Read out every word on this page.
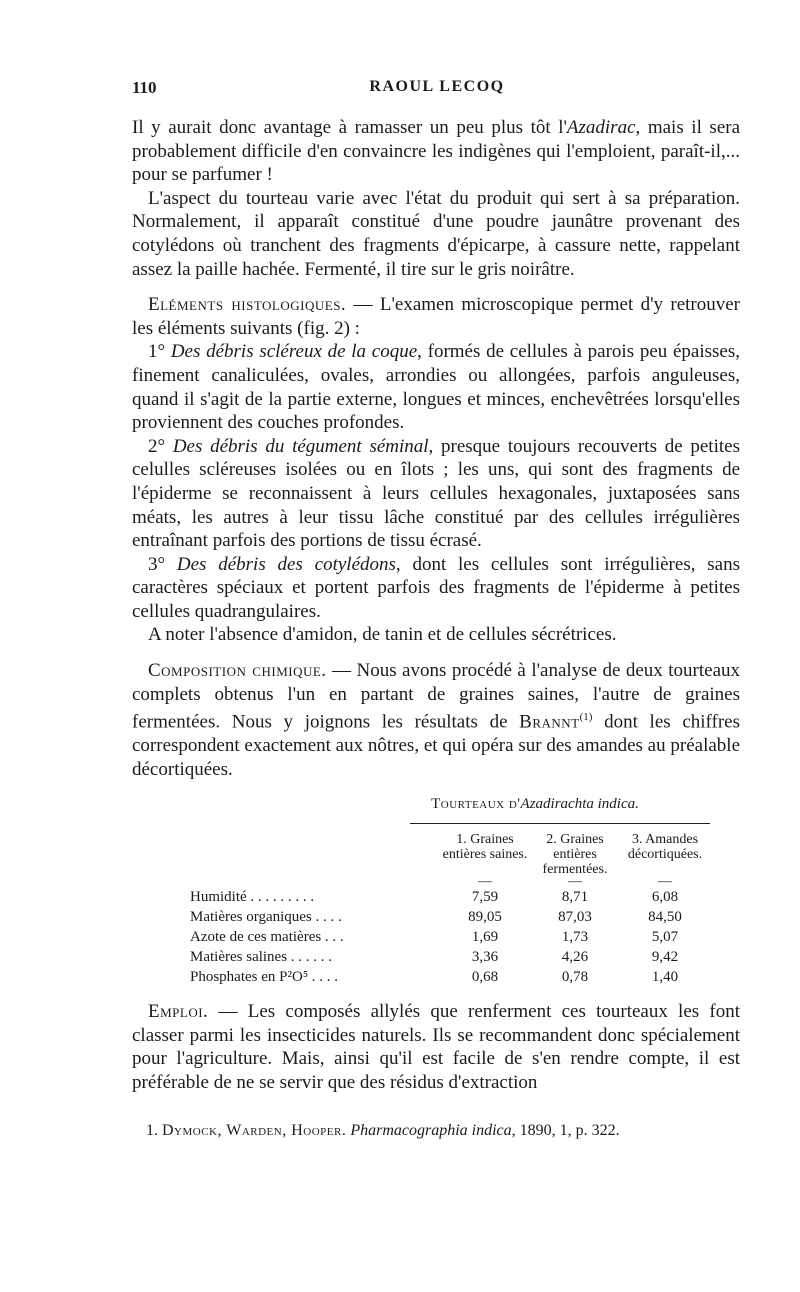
110	RAOUL LECOQ

Il y aurait donc avantage à ramasser un peu plus tôt l'Azadirac, mais il sera probablement difficile d'en convaincre les indigènes qui l'emploient, paraît-il,... pour se parfumer !

L'aspect du tourteau varie avec l'état du produit qui sert à sa préparation. Normalement, il apparaît constitué d'une poudre jaunâtre provenant des cotylédons où tranchent des fragments d'épicarpe, à cassure nette, rappelant assez la paille hachée. Fermenté, il tire sur le gris noirâtre.

Eléments histologiques. — L'examen microscopique permet d'y retrouver les éléments suivants (fig. 2) :

1° Des débris scléreux de la coque, formés de cellules à parois peu épaisses, finement canaliculées, ovales, arrondies ou allongées, parfois anguleuses, quand il s'agit de la partie externe, longues et minces, enchevêtrées lorsqu'elles proviennent des couches profondes.

2° Des débris du tégument séminal, presque toujours recouverts de petites celulles scléreuses isolées ou en îlots ; les uns, qui sont des fragments de l'épiderme se reconnaissent à leurs cellules hexagonales, juxtaposées sans méats, les autres à leur tissu lâche constitué par des cellules irrégulières entraînant parfois des portions de tissu écrasé.

3° Des débris des cotylédons, dont les cellules sont irrégulières, sans caractères spéciaux et portent parfois des fragments de l'épiderme à petites cellules quadrangulaires.

A noter l'absence d'amidon, de tanin et de cellules sécrétrices.

Composition chimique. — Nous avons procédé à l'analyse de deux tourteaux complets obtenus l'un en partant de graines saines, l'autre de graines fermentées. Nous y joignons les résultats de Brannt$^{(1)}$ dont les chiffres correspondent exactement aux nôtres, et qui opéra sur des amandes au préalable décortiquées.

Tourteaux d'Azadirachta indica.
	1. Graines entières saines.	2. Graines entières fermentées.	3. Amandes décortiquées.
	—	—	—
Humidité . . . . . . . . .	7,59	8,71	6,08
Matières organiques . . . .	89,05	87,03	84,50
Azote de ces matières . . .	1,69	1,73	5,07
Matières salines . . . . . .	3,36	4,26	9,42
Phosphates en P²O⁵ . . . .	0,68	0,78	1,40

Emploi. — Les composés allylés que renferment ces tourteaux les font classer parmi les insecticides naturels. Ils se recommandent donc spécialement pour l'agriculture. Mais, ainsi qu'il est facile de s'en rendre compte, il est préférable de ne se servir que des résidus d'extraction

1. Dymock, Warden, Hooper. Pharmacographia indica, 1890, 1, p. 322.
